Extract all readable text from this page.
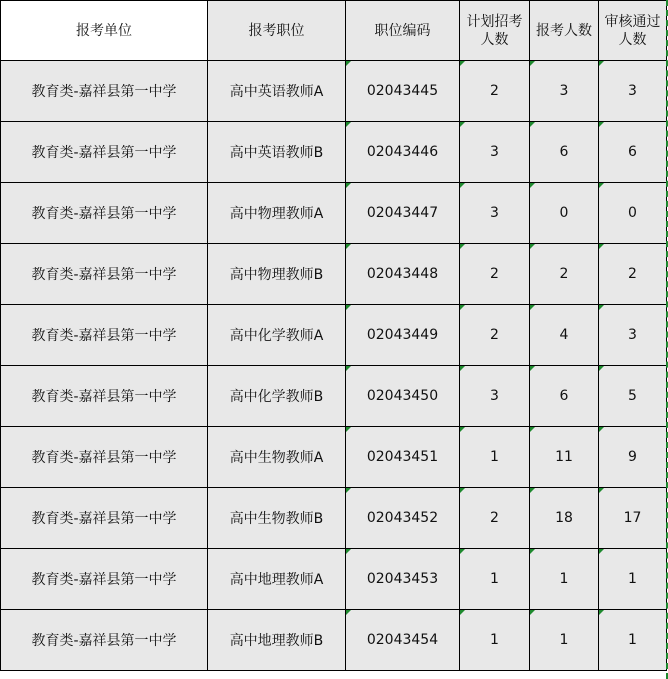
报考单位	报考职位	职位编码	计划招考人数	报考人数	审核通过人数
教育类-嘉祥县第一中学	高中英语教师A	02043445	2	3	3
教育类-嘉祥县第一中学	高中英语教师B	02043446	3	6	6
教育类-嘉祥县第一中学	高中物理教师A	02043447	3	0	0
教育类-嘉祥县第一中学	高中物理教师B	02043448	2	2	2
教育类-嘉祥县第一中学	高中化学教师A	02043449	2	4	3
教育类-嘉祥县第一中学	高中化学教师B	02043450	3	6	5
教育类-嘉祥县第一中学	高中生物教师A	02043451	1	11	9
教育类-嘉祥县第一中学	高中生物教师B	02043452	2	18	17
教育类-嘉祥县第一中学	高中地理教师A	02043453	1	1	1
教育类-嘉祥县第一中学	高中地理教师B	02043454	1	1	1
